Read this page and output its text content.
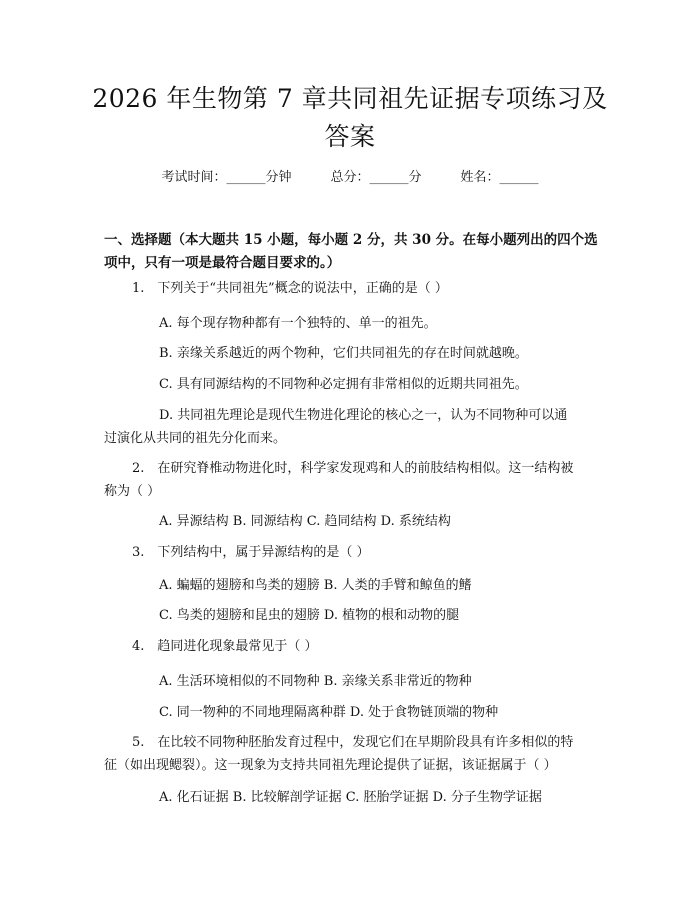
2026 年生物第 7 章共同祖先证据专项练习及
答案
考试时间：______分钟　　　总分：______分　　　姓名：______
一、选择题（本大题共 15 小题，每小题 2 分，共 30 分。在每小题列出的四个选
项中，只有一项是最符合题目要求的。）
1.　下列关于“共同祖先”概念的说法中，正确的是（ ）
A. 每个现存物种都有一个独特的、单一的祖先。
B. 亲缘关系越近的两个物种，它们共同祖先的存在时间就越晚。
C. 具有同源结构的不同物种必定拥有非常相似的近期共同祖先。
D. 共同祖先理论是现代生物进化理论的核心之一，认为不同物种可以通
过演化从共同的祖先分化而来。
2.　在研究脊椎动物进化时，科学家发现鸡和人的前肢结构相似。这一结构被
称为（ ）
A. 异源结构 B. 同源结构 C. 趋同结构 D. 系统结构
3.　下列结构中，属于异源结构的是（ ）
A. 蝙蝠的翅膀和鸟类的翅膀 B. 人类的手臂和鲸鱼的鳍
C. 鸟类的翅膀和昆虫的翅膀 D. 植物的根和动物的腿
4.　趋同进化现象最常见于（ ）
A. 生活环境相似的不同物种 B. 亲缘关系非常近的物种
C. 同一物种的不同地理隔离种群 D. 处于食物链顶端的物种
5.　在比较不同物种胚胎发育过程中，发现它们在早期阶段具有许多相似的特
征（如出现鳃裂）。这一现象为支持共同祖先理论提供了证据，该证据属于（ ）
A. 化石证据 B. 比较解剖学证据 C. 胚胎学证据 D. 分子生物学证据
